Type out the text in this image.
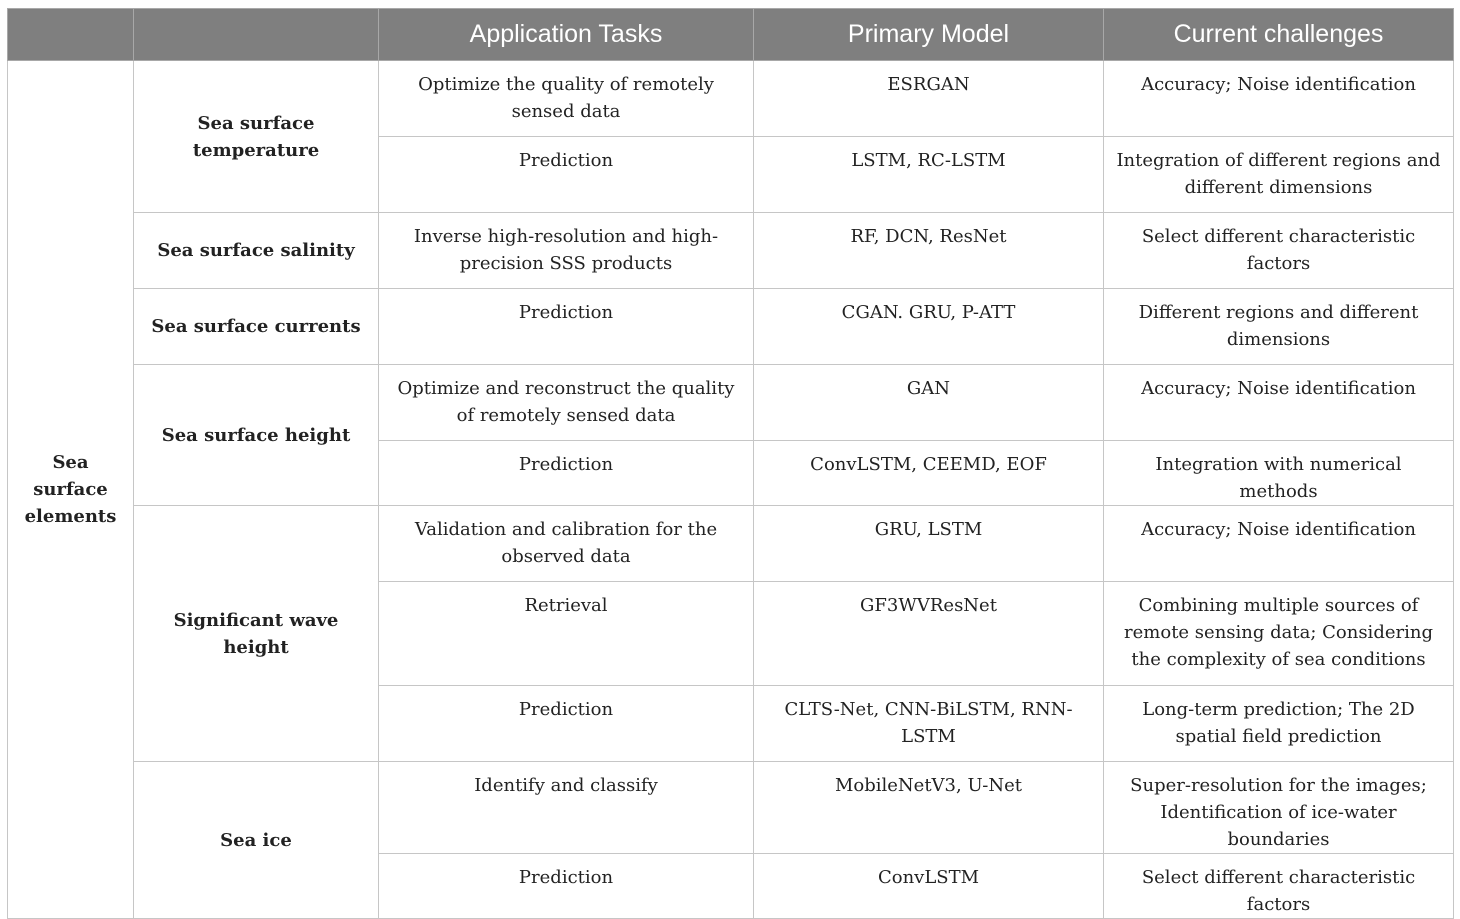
		Application Tasks	Primary Model	Current challenges
Sea surface elements	Sea surface temperature	Optimize the quality of remotely sensed data	ESRGAN	Accuracy; Noise identification
		Prediction	LSTM, RC-LSTM	Integration of different regions and different dimensions
	Sea surface salinity	Inverse high-resolution and high-precision SSS products	RF, DCN, ResNet	Select different characteristic factors
	Sea surface currents	Prediction	CGAN. GRU, P-ATT	Different regions and different dimensions
	Sea surface height	Optimize and reconstruct the quality of remotely sensed data	GAN	Accuracy; Noise identification
		Prediction	ConvLSTM, CEEMD, EOF	Integration with numerical methods
	Significant wave height	Validation and calibration for the observed data	GRU, LSTM	Accuracy; Noise identification
		Retrieval	GF3WVResNet	Combining multiple sources of remote sensing data; Considering the complexity of sea conditions
		Prediction	CLTS-Net, CNN-BiLSTM, RNN-LSTM	Long-term prediction; The 2D spatial field prediction
	Sea ice	Identify and classify	MobileNetV3, U-Net	Super-resolution for the images; Identification of ice-water boundaries
		Prediction	ConvLSTM	Select different characteristic factors
